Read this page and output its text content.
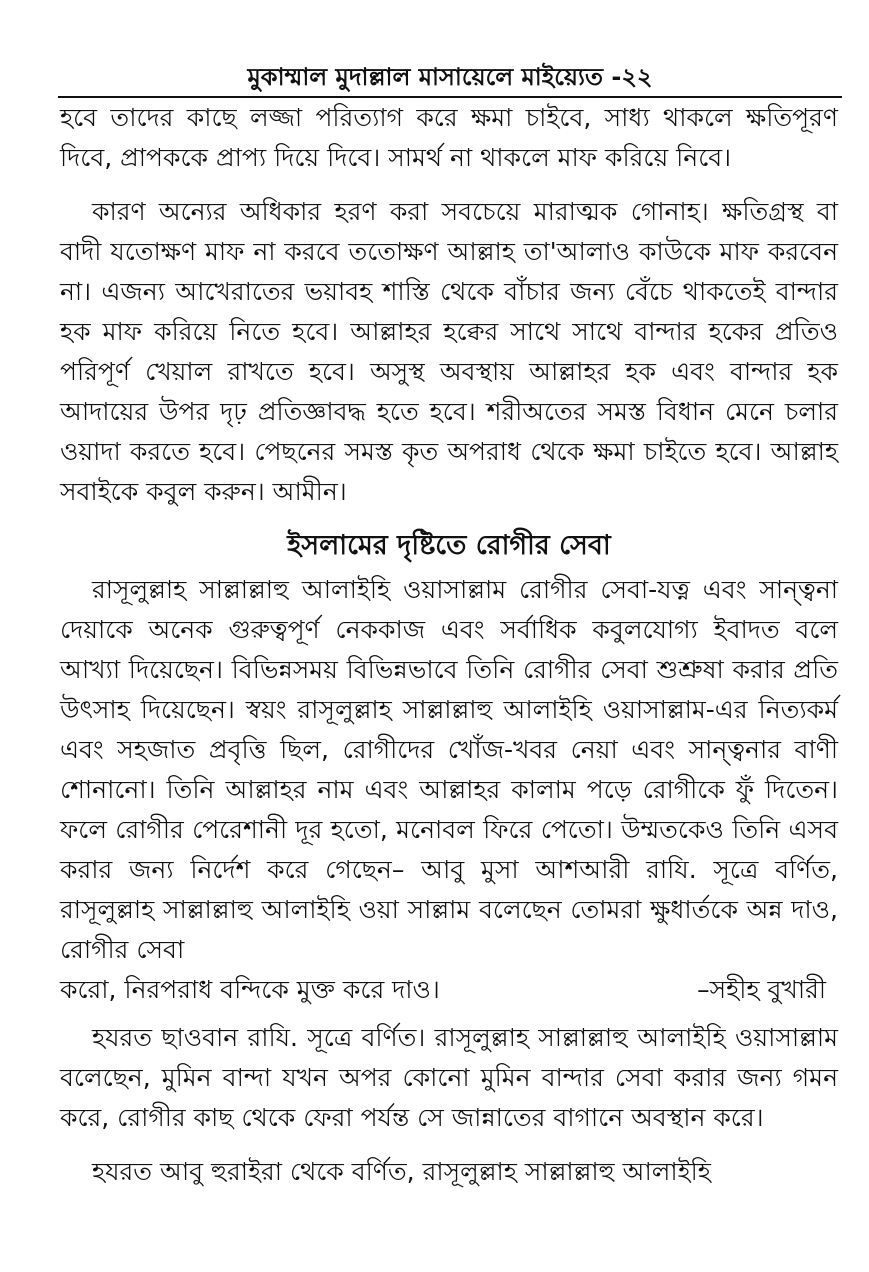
মুকাম্মাল মুদাল্লাল মাসায়েলে মাইয়্যেত -২২

হবে তাদের কাছে লজ্জা পরিত্যাগ করে ক্ষমা চাইবে, সাধ্য থাকলে ক্ষতিপূরণ দিবে, প্রাপককে প্রাপ্য দিয়ে দিবে। সামর্থ না থাকলে মাফ করিয়ে নিবে।

কারণ অন্যের অধিকার হরণ করা সবচেয়ে মারাত্মক গোনাহ। ক্ষতিগ্রস্থ বা বাদী যতোক্ষণ মাফ না করবে ততোক্ষণ আল্লাহ তা'আলাও কাউকে মাফ করবেন না। এজন্য আখেরাতের ভয়াবহ শাস্তি থেকে বাঁচার জন্য বেঁচে থাকতেই বান্দার হক মাফ করিয়ে নিতে হবে। আল্লাহর হক্বের সাথে সাথে বান্দার হকের প্রতিও পরিপূর্ণ খেয়াল রাখতে হবে। অসুস্থ অবস্থায় আল্লাহর হক এবং বান্দার হক আদায়ের উপর দৃঢ় প্রতিজ্ঞাবদ্ধ হতে হবে। শরীঅতের সমস্ত বিধান মেনে চলার ওয়াদা করতে হবে। পেছনের সমস্ত কৃত অপরাধ থেকে ক্ষমা চাইতে হবে। আল্লাহ সবাইকে কবুল করুন। আমীন।

ইসলামের দৃষ্টিতে রোগীর সেবা

রাসূলুল্লাহ সাল্লাল্লাহু আলাইহি ওয়াসাল্লাম রোগীর সেবা-যত্ন এবং সান্ত্বনা দেয়াকে অনেক গুরুত্বপূর্ণ নেককাজ এবং সর্বাধিক কবুলযোগ্য ইবাদত বলে আখ্যা দিয়েছেন। বিভিন্নসময় বিভিন্নভাবে তিনি রোগীর সেবা শুশ্রুষা করার প্রতি উৎসাহ দিয়েছেন। স্বয়ং রাসূলুল্লাহ সাল্লাল্লাহু আলাইহি ওয়াসাল্লাম-এর নিত্যকর্ম এবং সহজাত প্রবৃত্তি ছিল, রোগীদের খোঁজ-খবর নেয়া এবং সান্ত্বনার বাণী শোনানো। তিনি আল্লাহর নাম এবং আল্লাহর কালাম পড়ে রোগীকে ফুঁ দিতেন। ফলে রোগীর পেরেশানী দূর হতো, মনোবল ফিরে পেতো। উম্মতকেও তিনি এসব করার জন্য নির্দেশ করে গেছেন– আবু মুসা আশআরী রাযি. সূত্রে বর্ণিত, রাসূলুল্লাহ সাল্লাল্লাহু আলাইহি ওয়া সাল্লাম বলেছেন তোমরা ক্ষুধার্তকে অন্ন দাও, রোগীর সেবা

করো, নিরপরাধ বন্দিকে মুক্ত করে দাও।	–সহীহ বুখারী

হযরত ছাওবান রাযি. সূত্রে বর্ণিত। রাসূলুল্লাহ সাল্লাল্লাহু আলাইহি ওয়াসাল্লাম বলেছেন, মুমিন বান্দা যখন অপর কোনো মুমিন বান্দার সেবা করার জন্য গমন করে, রোগীর কাছ থেকে ফেরা পর্যন্ত সে জান্নাতের বাগানে অবস্থান করে।

হযরত আবু হুরাইরা থেকে বর্ণিত, রাসূলুল্লাহ সাল্লাল্লাহু আলাইহি
